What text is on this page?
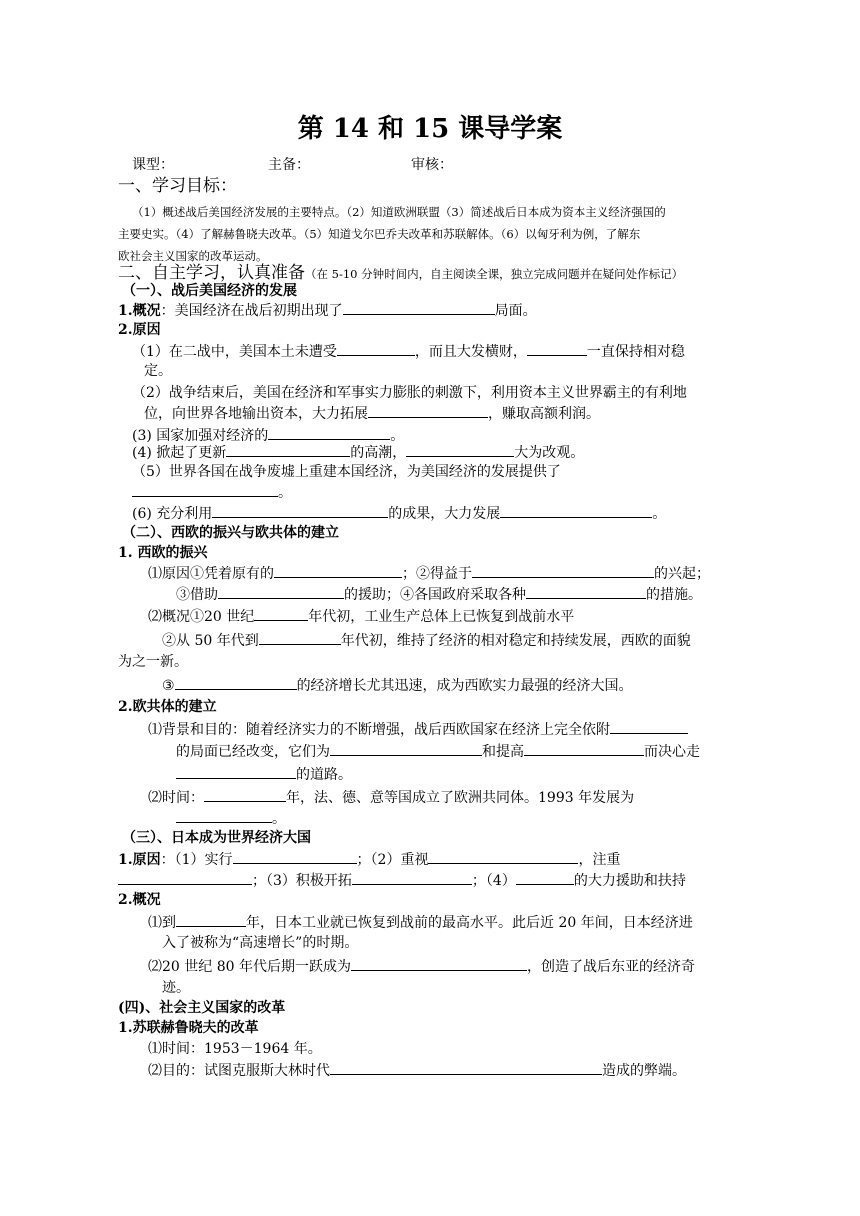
第 14 和 15 课导学案
课型：	主备：	审核：
一、学习目标：
（1）概述战后美国经济发展的主要特点。（2）知道欧洲联盟（3）简述战后日本成为资本主义经济强国的
主要史实。（4）了解赫鲁晓夫改革。（5）知道戈尔巴乔夫改革和苏联解体。（6）以匈牙利为例，了解东
欧社会主义国家的改革运动。
二、自主学习，认真准备（在 5-10 分钟时间内，自主阅读全课，独立完成问题并在疑问处作标记）
（一）、战后美国经济的发展
1.概况：美国经济在战后初期出现了	局面。
2.原因
（1）在二战中，美国本土未遭受	，而且大发横财，	一直保持相对稳
定。
（2）战争结束后，美国在经济和军事实力膨胀的刺激下，利用资本主义世界霸主的有利地
位，向世界各地输出资本，大力拓展	，赚取高额利润。
(3) 国家加强对经济的	。
(4) 掀起了更新	的高潮，	大为改观。
（5）世界各国在战争废墟上重建本国经济，为美国经济的发展提供了
。
(6) 充分利用	的成果，大力发展	。
（二）、西欧的振兴与欧共体的建立
1. 西欧的振兴
⑴原因①凭着原有的	；②得益于	的兴起；
③借助	的援助；④各国政府采取各种	的措施。
⑵概况①20 世纪	年代初，工业生产总体上已恢复到战前水平
②从 50 年代到	年代初，维持了经济的相对稳定和持续发展，西欧的面貌
为之一新。
③	的经济增长尤其迅速，成为西欧实力最强的经济大国。
2.欧共体的建立
⑴背景和目的：随着经济实力的不断增强，战后西欧国家在经济上完全依附
的局面已经改变，它们为	和提高	而决心走
的道路。
⑵时间：	年，法、德、意等国成立了欧洲共同体。1993 年发展为
。
（三）、日本成为世界经济大国
1.原因：（1）实行	；（2）重视	，注重
；（3）积极开拓	；（4）	的大力援助和扶持
2.概况
⑴到	年，日本工业就已恢复到战前的最高水平。此后近 20 年间，日本经济进
入了被称为“高速增长”的时期。
⑵20 世纪 80 年代后期一跃成为	，创造了战后东亚的经济奇
迹。
(四)、社会主义国家的改革
1.苏联赫鲁晓夫的改革
⑴时间：1953－1964 年。
⑵目的：试图克服斯大林时代	造成的弊端。
